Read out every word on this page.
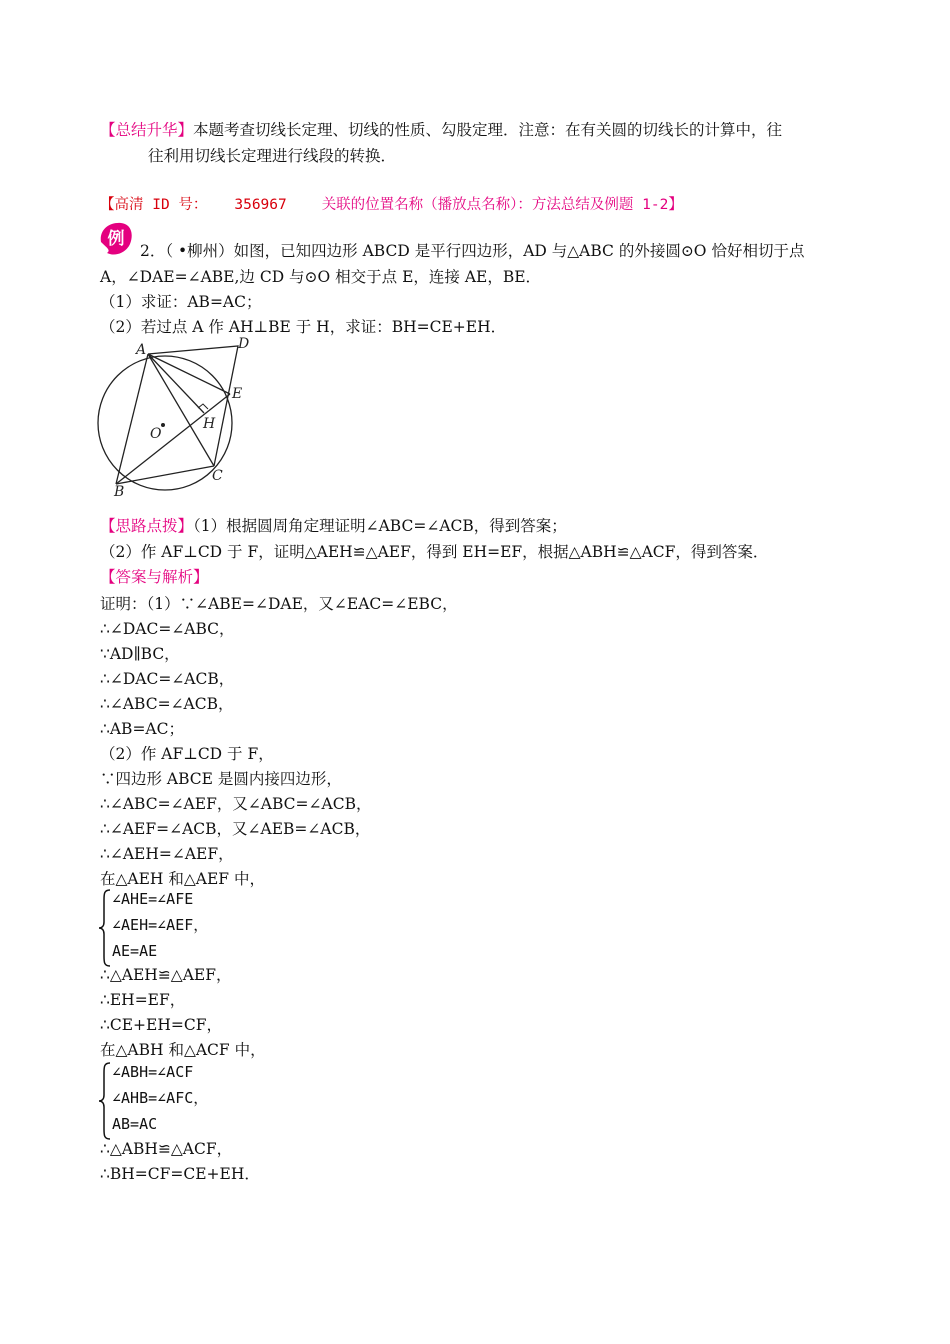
【总结升华】本题考查切线长定理、切线的性质、勾股定理．注意：在有关圆的切线长的计算中，往
往利用切线长定理进行线段的转换．
【高清 ID 号： 356967 关联的位置名称（播放点名称）：方法总结及例题 1-2】
例
2．（ •柳州）如图，已知四边形 ABCD 是平行四边形，AD 与△ABC 的外接圆⊙O 恰好相切于点
A，∠DAE=∠ABE,边 CD 与⊙O 相交于点 E，连接 AE，BE．
（1）求证：AB=AC；
（2）若过点 A 作 AH⊥BE 于 H，求证：BH=CE+EH．
A	D
E
H
O
B
C
【思路点拨】（1）根据圆周角定理证明∠ABC=∠ACB，得到答案；
（2）作 AF⊥CD 于 F，证明△AEH≌△AEF，得到 EH=EF，根据△ABH≌△ACF，得到答案．
【答案与解析】
证明：（1）∵∠ABE=∠DAE，又∠EAC=∠EBC，
∴∠DAC=∠ABC，
∵AD∥BC，
∴∠DAC=∠ACB，
∴∠ABC=∠ACB，
∴AB=AC；
（2）作 AF⊥CD 于 F，
∵四边形 ABCE 是圆内接四边形，
∴∠ABC=∠AEF，又∠ABC=∠ACB，
∴∠AEF=∠ACB，又∠AEB=∠ACB，
∴∠AEH=∠AEF，
在△AEH 和△AEF 中，
∠AHE=∠AFE
∠AEH=∠AEF，
AE=AE
∴△AEH≌△AEF，
∴EH=EF，
∴CE+EH=CF，
在△ABH 和△ACF 中，
∠ABH=∠ACF
∠AHB=∠AFC，
AB=AC
∴△ABH≌△ACF，
∴BH=CF=CE+EH．
